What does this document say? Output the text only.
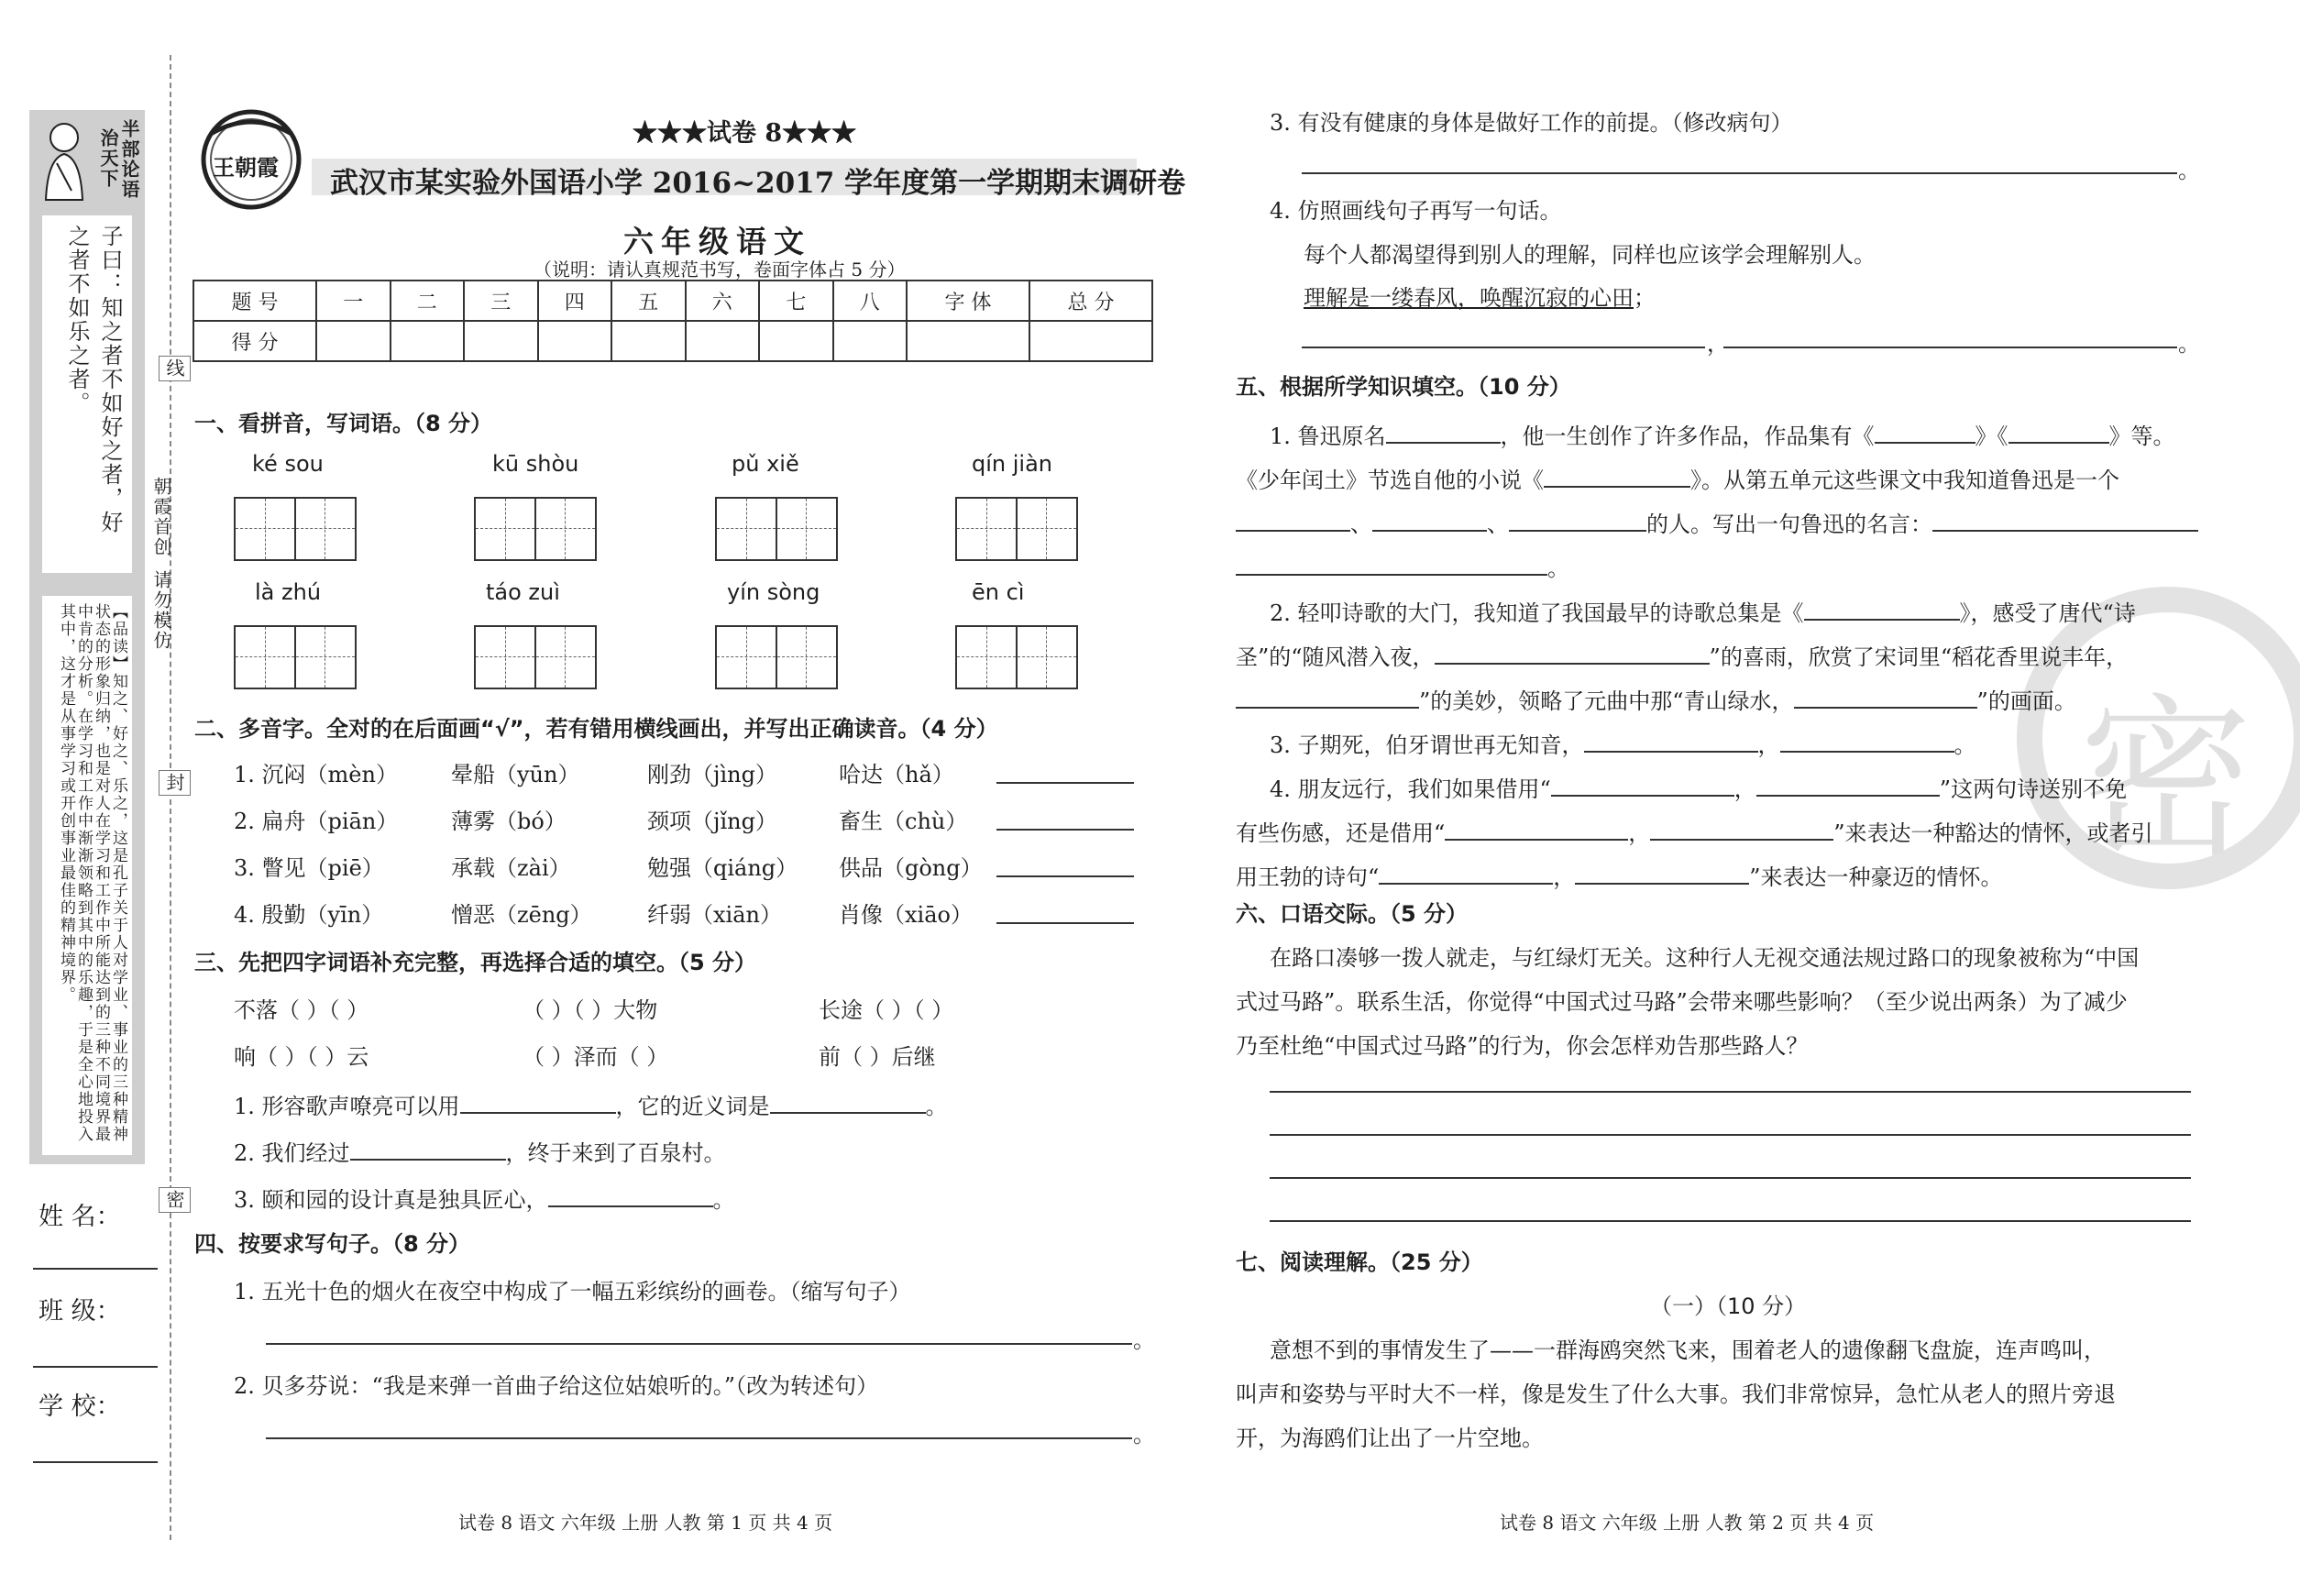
密
线
封
密
朝霞首创
请勿模仿
半部论语
治天下
子曰：知之者不如好之者，好之者不如乐之者。
【品读】知之、好之、乐之，这是孔子关于人对学业、事业的三种精神状态的形象归纳，也是对人在学习和工作中所能达到的三种不同境界最中肯的分析。在学习和工作中渐渐领略到其中的乐趣，于是全心地投入其中，这才是从事学习或开创事业最佳的精神境界。
姓 名：
班 级：
学 校：
王朝霞
★★★试卷 8★★★
武汉市某实验外国语小学 2016~2017 学年度第一学期期末调研卷
六年级语文
（说明：请认真规范书写，卷面字体占 5 分）
题 号	一	二	三	四	五	六	七	八	字 体	总 分
得 分										
一、看拼音，写词语。（8 分）
ké sou	kū shòu	pǔ xiě	qín jiàn
là zhú	táo zuì	yín sòng	ēn cì
二、多音字。全对的在后面画“√”，若有错用横线画出，并写出正确读音。（4 分）
1. 沉闷（mèn） 晕船（yūn）	刚劲（jìng）	哈达（hǎ）
2. 扁舟（piān） 薄雾（bó）	颈项（jǐng）	畜生（chù）
3. 瞥见（piē）	承载（zài）	勉强（qiáng） 供品（gòng）
4. 殷勤（yīn）	憎恶（zēng）	纤弱（xiān）	肖像（xiāo）
三、先把四字词语补充完整，再选择合适的填空。（5 分）
不落（ ）（ ）	（ ）（ ）大物	长途（ ）（ ）
响（ ）（ ）云	（ ）泽而（ ）	前（ ）后继
1. 形容歌声嘹亮可以用	，它的近义词是	。
2. 我们经过	，终于来到了百泉村。
3. 颐和园的设计真是独具匠心，	。
四、按要求写句子。（8 分）
1. 五光十色的烟火在夜空中构成了一幅五彩缤纷的画卷。（缩写句子）
。
2. 贝多芬说：“我是来弹一首曲子给这位姑娘听的。”（改为转述句）
。
试卷 8 语文 六年级 上册 人教 第 1 页 共 4 页
3. 有没有健康的身体是做好工作的前提。（修改病句）
。
4. 仿照画线句子再写一句话。
每个人都渴望得到别人的理解，同样也应该学会理解别人。
理解是一缕春风，唤醒沉寂的心田；
，	。
五、根据所学知识填空。（10 分）
1. 鲁迅原名	，他一生创作了许多作品，作品集有《	》《	》等。
《少年闰土》节选自他的小说《	》。从第五单元这些课文中我知道鲁迅是一个
、	、	的人。写出一句鲁迅的名言：
。
2. 轻叩诗歌的大门，我知道了我国最早的诗歌总集是《	》，感受了唐代“诗
圣”的“随风潜入夜，	”的喜雨，欣赏了宋词里“稻花香里说丰年，
”的美妙，领略了元曲中那“青山绿水，	”的画面。
3. 子期死，伯牙谓世再无知音，	，	。
4. 朋友远行，我们如果借用“	，	”这两句诗送别不免
有些伤感，还是借用“	，	”来表达一种豁达的情怀，或者引
用王勃的诗句“	，	”来表达一种豪迈的情怀。
六、口语交际。（5 分）
在路口凑够一拨人就走，与红绿灯无关。这种行人无视交通法规过路口的现象被称为“中国
式过马路”。联系生活，你觉得“中国式过马路”会带来哪些影响？（至少说出两条）为了减少
乃至杜绝“中国式过马路”的行为，你会怎样劝告那些路人？
七、阅读理解。（25 分）
（一）（10 分）
意想不到的事情发生了——一群海鸥突然飞来，围着老人的遗像翻飞盘旋，连声鸣叫，
叫声和姿势与平时大不一样，像是发生了什么大事。我们非常惊异，急忙从老人的照片旁退
开，为海鸥们让出了一片空地。
试卷 8 语文 六年级 上册 人教 第 2 页 共 4 页
